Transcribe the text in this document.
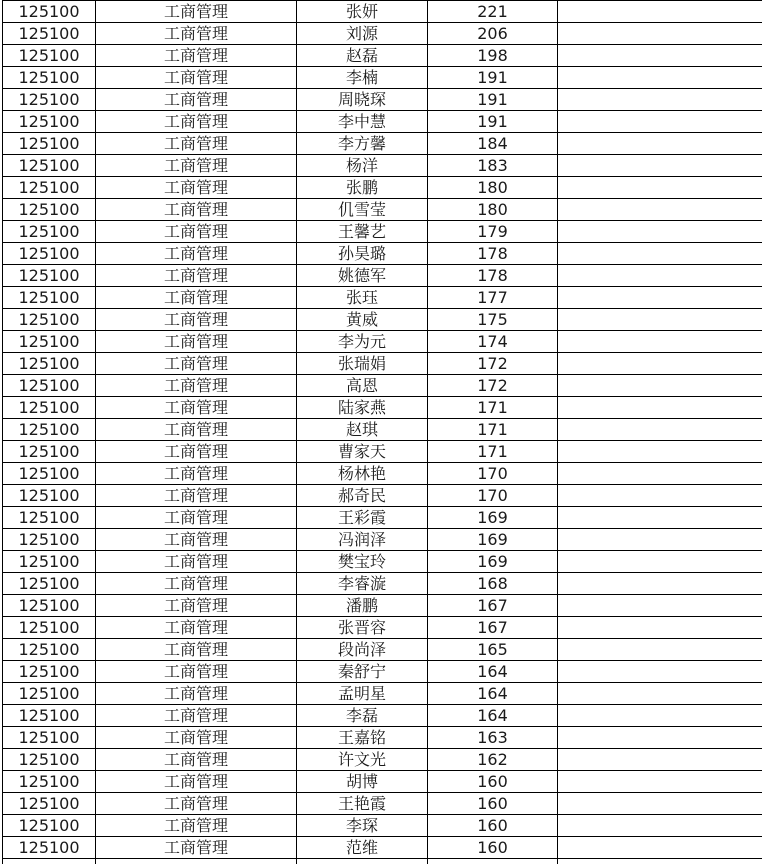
125100	工商管理	张妍	221	
125100	工商管理	刘源	206	
125100	工商管理	赵磊	198	
125100	工商管理	李楠	191	
125100	工商管理	周晓琛	191	
125100	工商管理	李中慧	191	
125100	工商管理	李方馨	184	
125100	工商管理	杨洋	183	
125100	工商管理	张鹏	180	
125100	工商管理	仉雪莹	180	
125100	工商管理	王馨艺	179	
125100	工商管理	孙昊璐	178	
125100	工商管理	姚德军	178	
125100	工商管理	张珏	177	
125100	工商管理	黄威	175	
125100	工商管理	李为元	174	
125100	工商管理	张瑞娟	172	
125100	工商管理	高恩	172	
125100	工商管理	陆家燕	171	
125100	工商管理	赵琪	171	
125100	工商管理	曹家天	171	
125100	工商管理	杨林艳	170	
125100	工商管理	郝奇民	170	
125100	工商管理	王彩霞	169	
125100	工商管理	冯润泽	169	
125100	工商管理	樊宝玲	169	
125100	工商管理	李睿漩	168	
125100	工商管理	潘鹏	167	
125100	工商管理	张晋容	167	
125100	工商管理	段尚泽	165	
125100	工商管理	秦舒宁	164	
125100	工商管理	孟明星	164	
125100	工商管理	李磊	164	
125100	工商管理	王嘉铭	163	
125100	工商管理	许文光	162	
125100	工商管理	胡博	160	
125100	工商管理	王艳霞	160	
125100	工商管理	李琛	160	
125100	工商管理	范维	160	
